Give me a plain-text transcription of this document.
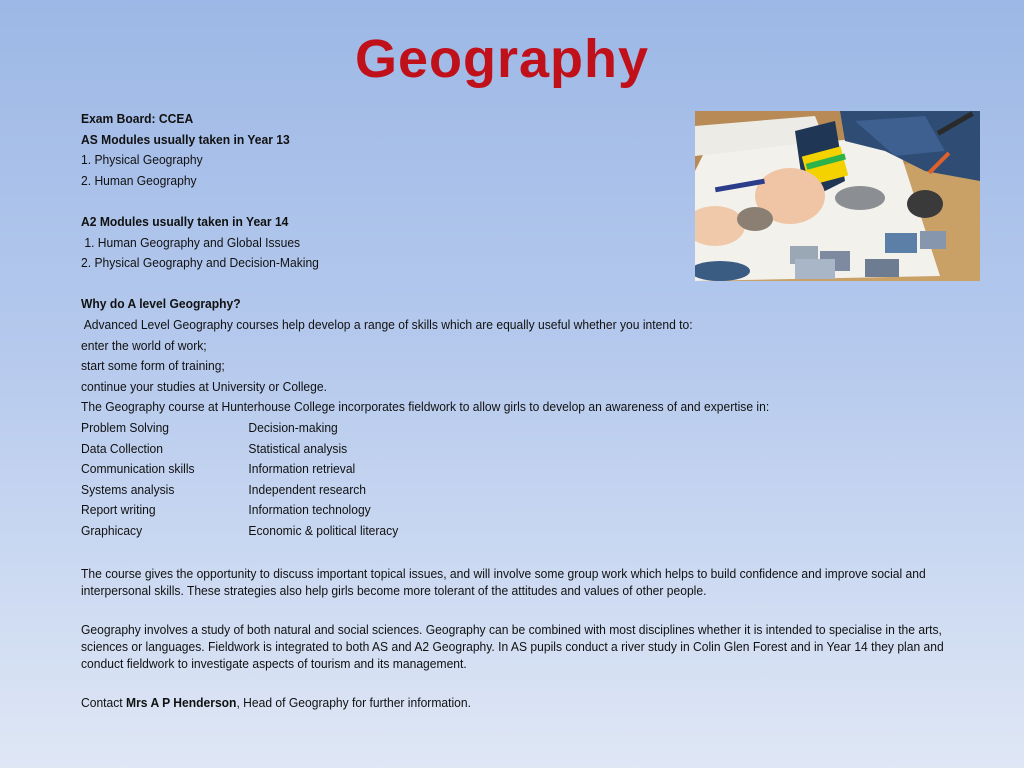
Geography
Exam Board: CCEA
AS Modules usually taken in Year 13
1. Physical Geography
2. Human Geography
A2 Modules usually taken in Year 14
1. Human Geography and Global Issues
2. Physical Geography and Decision-Making
Why do A level Geography?
Advanced Level Geography courses help develop a range of skills which are equally useful whether you intend to:
enter the world of work;
start some form of training;
continue your studies at University or College.
The Geography course at Hunterhouse College incorporates fieldwork to allow girls to develop an awareness of and expertise in:
Problem Solving	Decision-making
Data Collection	Statistical analysis
Communication skills	Information retrieval
Systems analysis	Independent research
Report writing	Information technology
Graphicacy	Economic & political literacy
The course gives the opportunity to discuss important topical issues, and will involve some group work which helps to build confidence and improve social and interpersonal skills. These strategies also help girls become more tolerant of the attitudes and values of other people.
Geography involves a study of both natural and social sciences. Geography can be combined with most disciplines whether it is intended to specialise in the arts, sciences or languages. Fieldwork is integrated to both AS and A2 Geography. In AS pupils conduct a river study in Colin Glen Forest and in Year 14 they plan and conduct fieldwork to investigate aspects of tourism and its management.
Contact Mrs A P Henderson, Head of Geography for further information.
